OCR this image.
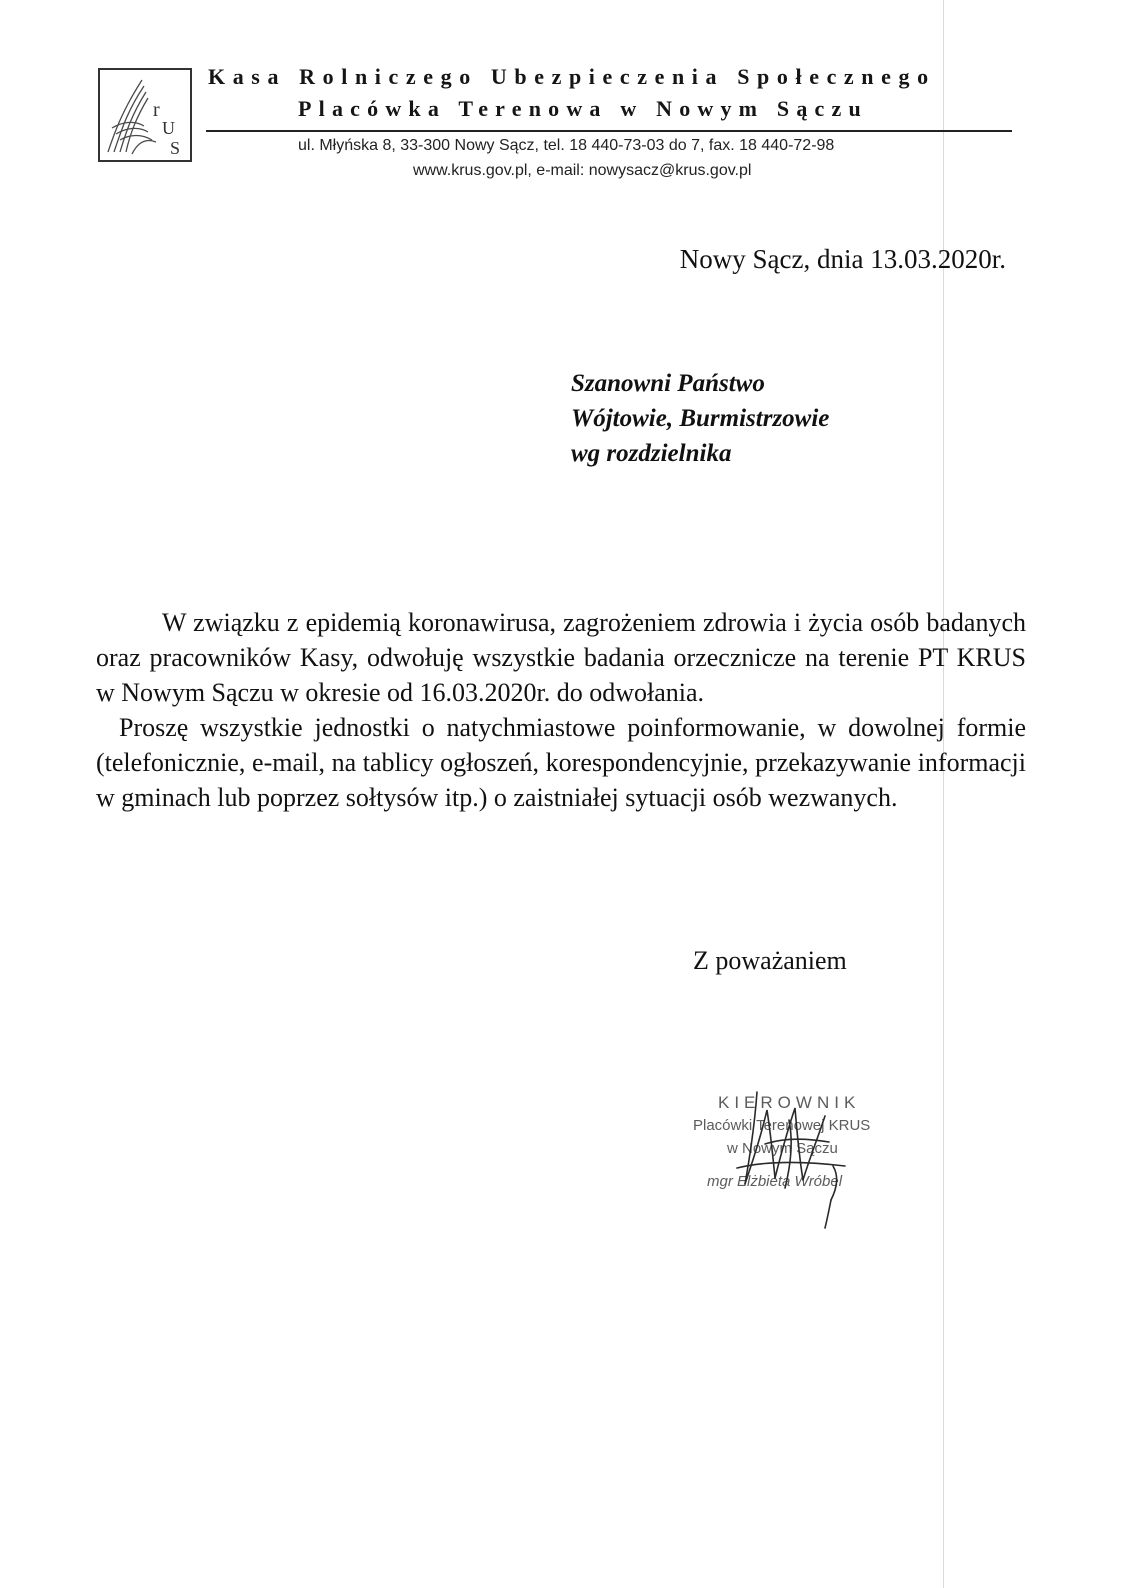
r
U
S
Kasa Rolniczego Ubezpieczenia Społecznego
Placówka Terenowa w Nowym Sączu
ul. Młyńska 8, 33-300 Nowy Sącz, tel. 18 440-73-03 do 7, fax. 18 440-72-98
www.krus.gov.pl, e-mail: nowysacz@krus.gov.pl
Nowy Sącz, dnia 13.03.2020r.
Szanowni Państwo
Wójtowie, Burmistrzowie
wg rozdzielnika

W związku z epidemią koronawirusa, zagrożeniem zdrowia i życia osób badanych oraz pracowników Kasy, odwołuję wszystkie badania orzecznicze na terenie PT KRUS w Nowym Sączu w okresie od 16.03.2020r. do odwołania.

Proszę wszystkie jednostki o natychmiastowe poinformowanie, w dowolnej formie (telefonicznie, e-mail, na tablicy ogłoszeń, korespondencyjnie, przekazywanie informacji w gminach lub poprzez sołtysów itp.) o zaistniałej sytuacji osób wezwanych.

Z poważaniem
KIEROWNIK
Placówki Terenowej KRUS
w Nowym Sączu
mgr Elżbieta Wróbel
